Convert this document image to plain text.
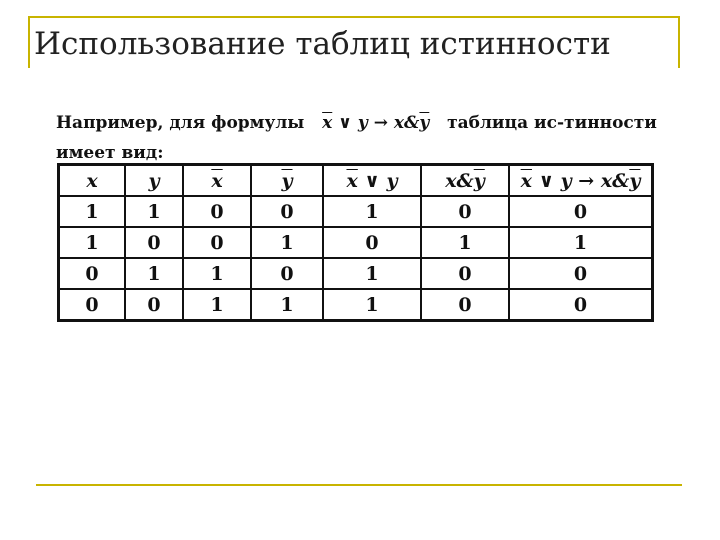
Использование таблиц истинности
Например, для формулы $\overline{x}$ ∨ $y \to x\&\overline{y}$ таблица ис-тинности имеет вид:
x	y	$\overline{x}$	$\overline{y}$	$\overline{x}$ ∨ y	$x\&\overline{y}$	$\overline{x}$ ∨ $y \to x\&\overline{y}$
1	1	0	0	1	0	0
1	0	0	1	0	1	1
0	1	1	0	1	0	0
0	0	1	1	1	0	0
